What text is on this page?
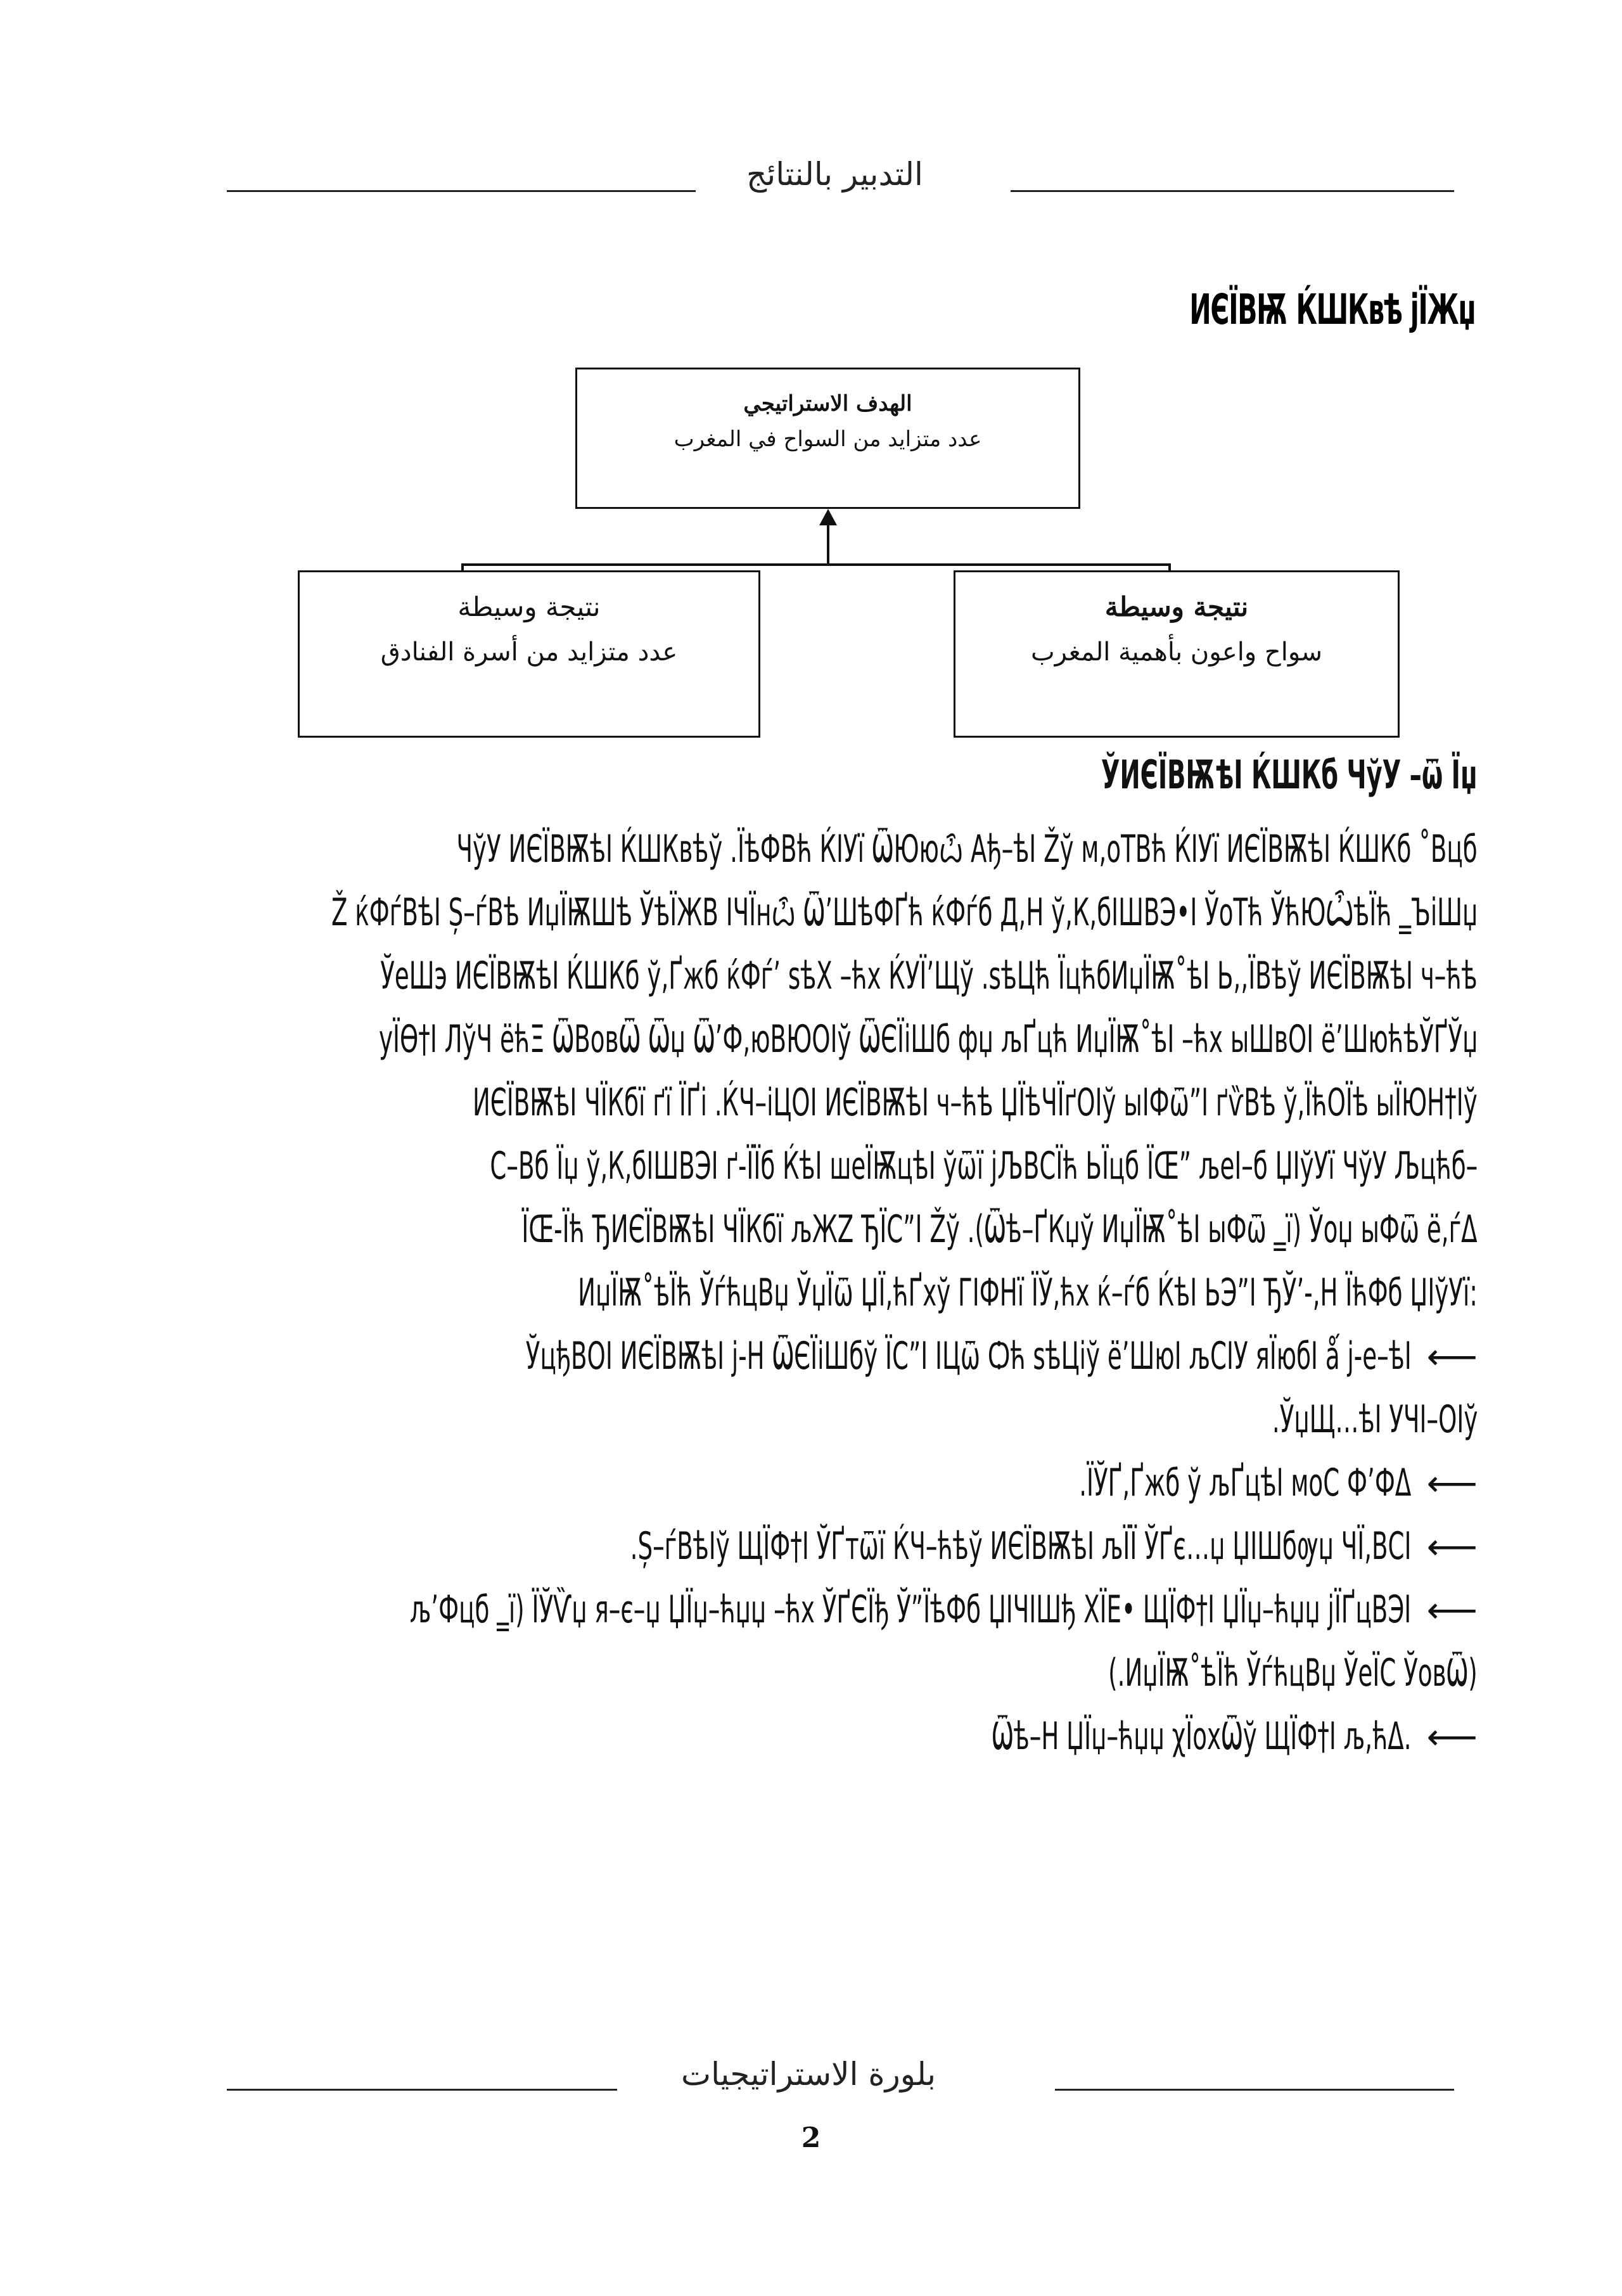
التدبير بالنتائج
ИЄЇВѬ ЌШКвѣ ϳЇЖџ
الهدف الاستراتيجي
عدد متزايد من السواح في المغرب
نتيجة وسيطة
عدد متزايد من أسرة الفنادق
نتيجة وسيطة
سواح واعون بأهمية المغرب
ЎИЄЇВѬѣІ ЌШКб ЧўУ –ѿ Їџ
ЧўУ ИЄЇВѬѣІ ЌШКвѣў .ЇѣФВћ ЌІУї ѾЮюѽ Ађ–ѣІ Žў м,оТВћ ЌІУї ИЄЇВѬѣІ ЌШКб ˚Вцб
Ž ќФѓВѣІ Ș–ѓВѣ ИџЇѬШѣ ЎѣЇЖВ ІЧЇнѽ Ѿ’ШѣФҐћ ќФѓб Д,Н ў,К,бІШВЭ•І ЎоТћ ЎћЮѼѣЇћ ‗ЪіШџ
ЎеШэ ИЄЇВѬѣІ ЌШКб ў,Ґжб ќФѓ’ sѣХ –ћх ЌУЇ’Щў .sѣЦћ ЇцћбИџЇѬ˚ѣІ Ь,,ЇВѣў ИЄЇВѬѣІ ч–ћѣ
уЇѲ†І ЛўЧ ёћΞ ѾВовѾ Ѿџ Ѿ’Ф,юВЮОІў ѾЄЇіШб фџ љҐцћ ИџЇѬ˚ѣІ –ћх ыШвОІ ё’ШюћѣЎҐЎџ
ИЄЇВѬѣІ ЧЇКбї ґї ЇҐі .ЌЧ–іЦОІ ИЄЇВѬѣІ ч–ћѣ ЏЇѣЧЇґОІў ыІФѿ”І ґѷВѣ ў,ЇћОЇѣ ыЇЮН†Іў
–С–Вб Їџ ў,К,бІШВЭІ ґ-ЇЇб ЌѣІ шеЇѬцѣІ ўѿї ϳЉВСЇћ ЬЇцб ЇŒ” љеІ–б ЏІўУї ЧўУ Љцћб
ЇŒ-Їћ ЂИЄЇВѬѣІ ЧЇКбї љЖZ ЂЇС”І Žў .(Ѿѣ–ҐКџў ИџЇѬ˚ѣІ ыФѿ ‗ї) Ўоџ ыФѿ ё,ѓΔ
:ИџЇѬ˚ѣЇћ ЎѓћцВџ ЎџЇѿ ЏЇ,ћҐхў ГІФНї ЇЎ,ћх ќ–ѓб ЌѣІ ЬЭ”І ЂЎ’-,Н ЇћФб ЏІўУї
⟵ЎцђВОІ ИЄЇВѬѣІ ϳ-Н ѾЄЇіШбў ЇС”І ІЦѿ Ѻћ sѣЦіў ё’ШюІ љСІУ яЇюбІ ǻ ϳ-е–ѣІ
ЎџЩ…ѣІ УЧІ–ОІў.
⟵ЇЎҐ,Ґжб ў љҐцѣІ моС Ф’ФΔ.
⟵Ș–ѓВѣІў ЩЇФ†І ЎҐтѿї ЌЧ–ћѣў ИЄЇВѬѣІ љЇЇ ЎҐє…џ ЏІШбѹџ ЧЇ,ВСІ.
⟵љ’Фцб ‗ї) ЇЎѶџ я–є–џ ЏЇџ–ћџџ –ћх ЎҐЄЇђ Ў”ЇѣФб ЏІЧІШђ ХЇЕ• ЩЇФ†І ЏЇџ–ћџџ ϳЇҐцВЭІ
(ИџЇѬ˚ѣЇћ ЎѓћцВџ ЎеЇС ЎовѾ.)
⟵.Ѿѣ–Н ЏЇџ–ћџџ χЇохѾў ЩЇФ†І љ,ћΔ
بلورة الاستراتيجيات
2
